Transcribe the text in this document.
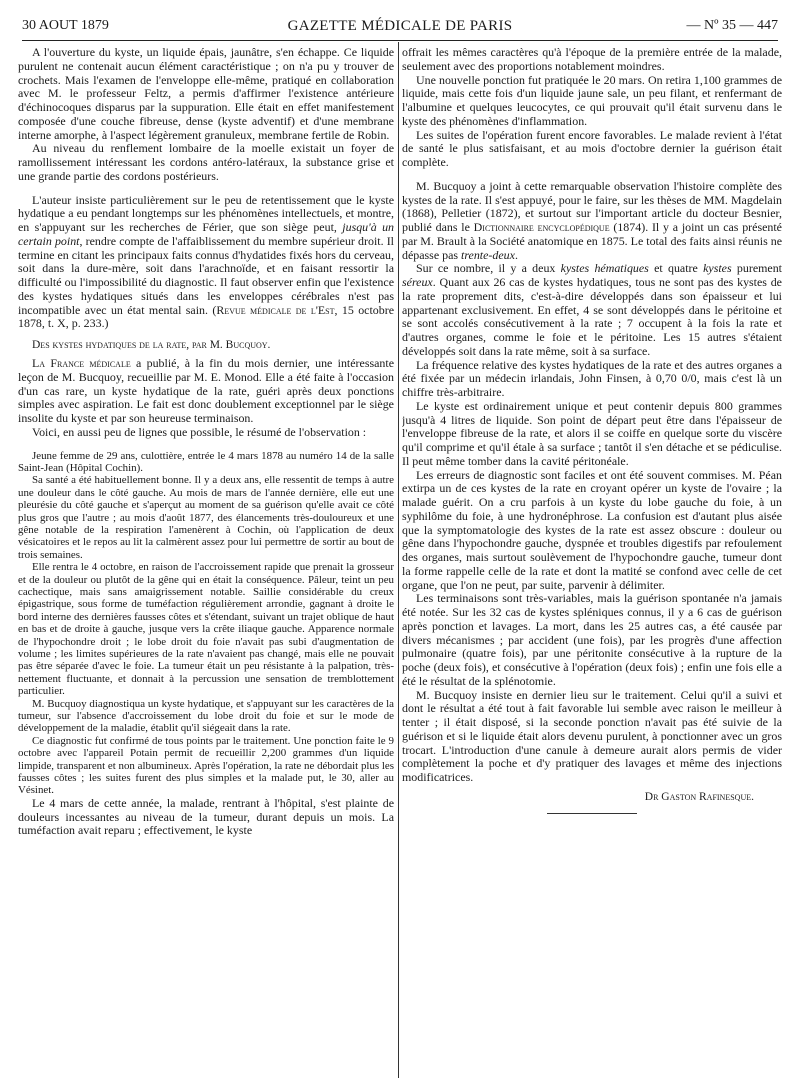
30 AOUT 1879	GAZETTE MÉDICALE DE PARIS	— Nº 35 — 447

A l'ouverture du kyste, un liquide épais, jaunâtre, s'en échappe. Ce liquide purulent ne contenait aucun élément caractéristique ; on n'a pu y trouver de crochets. Mais l'examen de l'enveloppe elle-même, pratiqué en collaboration avec M. le professeur Feltz, a permis d'affirmer l'existence antérieure d'échinocoques disparus par la suppuration. Elle était en effet manifestement composée d'une couche fibreuse, dense (kyste adventif) et d'une membrane interne amorphe, à l'aspect légèrement granuleux, membrane fertile de Robin.

Au niveau du renflement lombaire de la moelle existait un foyer de ramollissement intéressant les cordons antéro-latéraux, la substance grise et une grande partie des cordons postérieurs.

L'auteur insiste particulièrement sur le peu de retentissement que le kyste hydatique a eu pendant longtemps sur les phénomènes intellectuels, et montre, en s'appuyant sur les recherches de Férier, que son siège peut, jusqu'à un certain point, rendre compte de l'affaiblissement du membre supérieur droit. Il termine en citant les principaux faits connus d'hydatides fixés hors du cerveau, soit dans la dure-mère, soit dans l'arachnoïde, et en faisant ressortir la difficulté ou l'impossibilité du diagnostic. Il faut observer enfin que l'existence des kystes hydatiques situés dans les enveloppes cérébrales n'est pas incompatible avec un état mental sain. (Revue médicale de l'Est, 15 octobre 1878, t. X, p. 233.)

Des kystes hydatiques de la rate, par M. Bucquoy.

La France médicale a publié, à la fin du mois dernier, une intéressante leçon de M. Bucquoy, recueillie par M. E. Monod. Elle a été faite à l'occasion d'un cas rare, un kyste hydatique de la rate, guéri après deux ponctions simples avec aspiration. Le fait est donc doublement exceptionnel par le siège insolite du kyste et par son heureuse terminaison.

Voici, en aussi peu de lignes que possible, le résumé de l'observation :

Jeune femme de 29 ans, culottière, entrée le 4 mars 1878 au numéro 14 de la salle Saint-Jean (Hôpital Cochin).

Sa santé a été habituellement bonne. Il y a deux ans, elle ressentit de temps à autre une douleur dans le côté gauche. Au mois de mars de l'année dernière, elle eut une pleurésie du côté gauche et s'aperçut au moment de sa guérison qu'elle avait ce côté plus gros que l'autre ; au mois d'août 1877, des élancements très-douloureux et une gêne notable de la respiration l'amenèrent à Cochin, où l'application de deux vésicatoires et le repos au lit la calmèrent assez pour lui permettre de sortir au bout de trois semaines.

Elle rentra le 4 octobre, en raison de l'accroissement rapide que prenait la grosseur et de la douleur ou plutôt de la gêne qui en était la conséquence. Pâleur, teint un peu cachectique, mais sans amaigrissement notable. Saillie considérable du creux épigastrique, sous forme de tuméfaction régulièrement arrondie, gagnant à droite le bord interne des dernières fausses côtes et s'étendant, suivant un trajet oblique de haut en bas et de droite à gauche, jusque vers la crête iliaque gauche. Apparence normale de l'hypochondre droit ; le lobe droit du foie n'avait pas subi d'augmentation de volume ; les limites supérieures de la rate n'avaient pas changé, mais elle ne pouvait pas être séparée d'avec le foie. La tumeur était un peu résistante à la palpation, très-nettement fluctuante, et donnait à la percussion une sensation de tremblottement particulier.

M. Bucquoy diagnostiqua un kyste hydatique, et s'appuyant sur les caractères de la tumeur, sur l'absence d'accroissement du lobe droit du foie et sur le mode de développement de la maladie, établit qu'il siégeait dans la rate.

Ce diagnostic fut confirmé de tous points par le traitement. Une ponction faite le 9 octobre avec l'appareil Potain permit de recueillir 2,200 grammes d'un liquide limpide, transparent et non albumineux. Après l'opération, la rate ne débordait plus les fausses côtes ; les suites furent des plus simples et la malade put, le 30, aller au Vésinet.

Le 4 mars de cette année, la malade, rentrant à l'hôpital, s'est plainte de douleurs incessantes au niveau de la tumeur, durant depuis un mois. La tuméfaction avait reparu ; effectivement, le kyste

offrait les mêmes caractères qu'à l'époque de la première entrée de la malade, seulement avec des proportions notablement moindres.

Une nouvelle ponction fut pratiquée le 20 mars. On retira 1,100 grammes de liquide, mais cette fois d'un liquide jaune sale, un peu filant, et renfermant de l'albumine et quelques leucocytes, ce qui prouvait qu'il était survenu dans le kyste des phénomènes d'inflammation.

Les suites de l'opération furent encore favorables. Le malade revient à l'état de santé le plus satisfaisant, et au mois d'octobre dernier la guérison était complète.

M. Bucquoy a joint à cette remarquable observation l'histoire complète des kystes de la rate. Il s'est appuyé, pour le faire, sur les thèses de MM. Magdelain (1868), Pelletier (1872), et surtout sur l'important article du docteur Besnier, publié dans le Dictionnaire encyclopédique (1874). Il y a joint un cas présenté par M. Brault à la Société anatomique en 1875. Le total des faits ainsi réunis ne dépasse pas trente-deux.

Sur ce nombre, il y a deux kystes hématiques et quatre kystes purement séreux. Quant aux 26 cas de kystes hydatiques, tous ne sont pas des kystes de la rate proprement dits, c'est-à-dire développés dans son épaisseur et lui appartenant exclusivement. En effet, 4 se sont développés dans le péritoine et se sont accolés consécutivement à la rate ; 7 occupent à la fois la rate et d'autres organes, comme le foie et le péritoine. Les 15 autres s'étaient développés soit dans la rate même, soit à sa surface.

La fréquence relative des kystes hydatiques de la rate et des autres organes a été fixée par un médecin irlandais, John Finsen, à 0,70 0/0, mais c'est là un chiffre très-arbitraire.

Le kyste est ordinairement unique et peut contenir depuis 800 grammes jusqu'à 4 litres de liquide. Son point de départ peut être dans l'épaisseur de l'enveloppe fibreuse de la rate, et alors il se coiffe en quelque sorte du viscère qu'il comprime et qu'il étale à sa surface ; tantôt il s'en détache et se pédiculise. Il peut même tomber dans la cavité péritonéale.

Les erreurs de diagnostic sont faciles et ont été souvent commises. M. Péan extirpa un de ces kystes de la rate en croyant opérer un kyste de l'ovaire ; la malade guérit. On a cru parfois à un kyste du lobe gauche du foie, à un syphilôme du foie, à une hydronéphrose. La confusion est d'autant plus aisée que la symptomatologie des kystes de la rate est assez obscure : douleur ou gêne dans l'hypochondre gauche, dyspnée et troubles digestifs par refoulement des organes, mais surtout soulèvement de l'hypochondre gauche, tumeur dont la forme rappelle celle de la rate et dont la matité se confond avec celle de cet organe, que l'on ne peut, par suite, parvenir à délimiter.

Les terminaisons sont très-variables, mais la guérison spontanée n'a jamais été notée. Sur les 32 cas de kystes spléniques connus, il y a 6 cas de guérison après ponction et lavages. La mort, dans les 25 autres cas, a été causée par divers mécanismes ; par accident (une fois), par les progrès d'une affection pulmonaire (quatre fois), par une péritonite consécutive à la rupture de la poche (deux fois), et consécutive à l'opération (deux fois) ; enfin une fois elle a été le résultat de la splénotomie.

M. Bucquoy insiste en dernier lieu sur le traitement. Celui qu'il a suivi et dont le résultat a été tout à fait favorable lui semble avec raison le meilleur à tenter ; il était disposé, si la seconde ponction n'avait pas été suivie de la guérison et si le liquide était alors devenu purulent, à ponctionner avec un gros trocart. L'introduction d'une canule à demeure aurait alors permis de vider complètement la poche et d'y pratiquer des lavages et même des injections modificatrices.

Dr Gaston Rafinesque.
